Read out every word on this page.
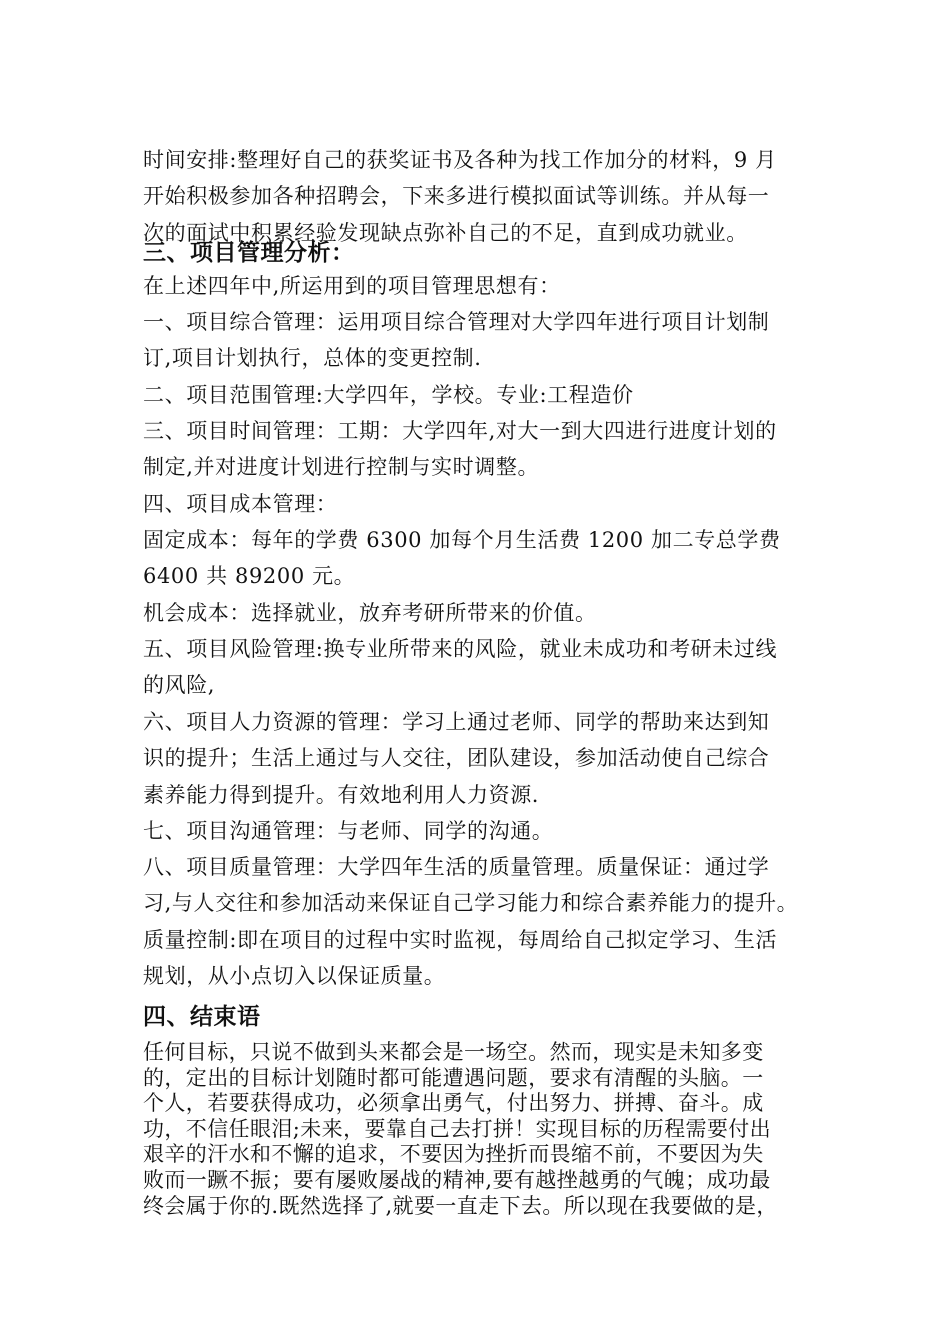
时间安排:整理好自己的获奖证书及各种为找工作加分的材料，9 月
开始积极参加各种招聘会，下来多进行模拟面试等训练。并从每一
次的面试中积累经验发现缺点弥补自己的不足，直到成功就业。
三、项目管理分析：
在上述四年中,所运用到的项目管理思想有：
一、项目综合管理：运用项目综合管理对大学四年进行项目计划制
订,项目计划执行，总体的变更控制.
二、项目范围管理:大学四年，学校。专业:工程造价
三、项目时间管理：工期：大学四年,对大一到大四进行进度计划的
制定,并对进度计划进行控制与实时调整。
四、项目成本管理：
固定成本：每年的学费 6300 加每个月生活费 1200 加二专总学费
6400 共 89200 元。
机会成本：选择就业，放弃考研所带来的价值。
五、项目风险管理:换专业所带来的风险，就业未成功和考研未过线
的风险,
六、项目人力资源的管理：学习上通过老师、同学的帮助来达到知
识的提升；生活上通过与人交往，团队建设，参加活动使自己综合
素养能力得到提升。有效地利用人力资源.
七、项目沟通管理：与老师、同学的沟通。
八、项目质量管理：大学四年生活的质量管理。质量保证：通过学
习,与人交往和参加活动来保证自己学习能力和综合素养能力的提升。
质量控制:即在项目的过程中实时监视，每周给自己拟定学习、生活
规划，从小点切入以保证质量。
四、结束语
任何目标，只说不做到头来都会是一场空。然而，现实是未知多变
的，定出的目标计划随时都可能遭遇问题，要求有清醒的头脑。一
个人，若要获得成功，必须拿出勇气，付出努力、拼搏、奋斗。成
功，不信任眼泪;未来，要靠自己去打拼！实现目标的历程需要付出
艰辛的汗水和不懈的追求，不要因为挫折而畏缩不前，不要因为失
败而一蹶不振；要有屡败屡战的精神,要有越挫越勇的气魄；成功最
终会属于你的.既然选择了,就要一直走下去。所以现在我要做的是，
